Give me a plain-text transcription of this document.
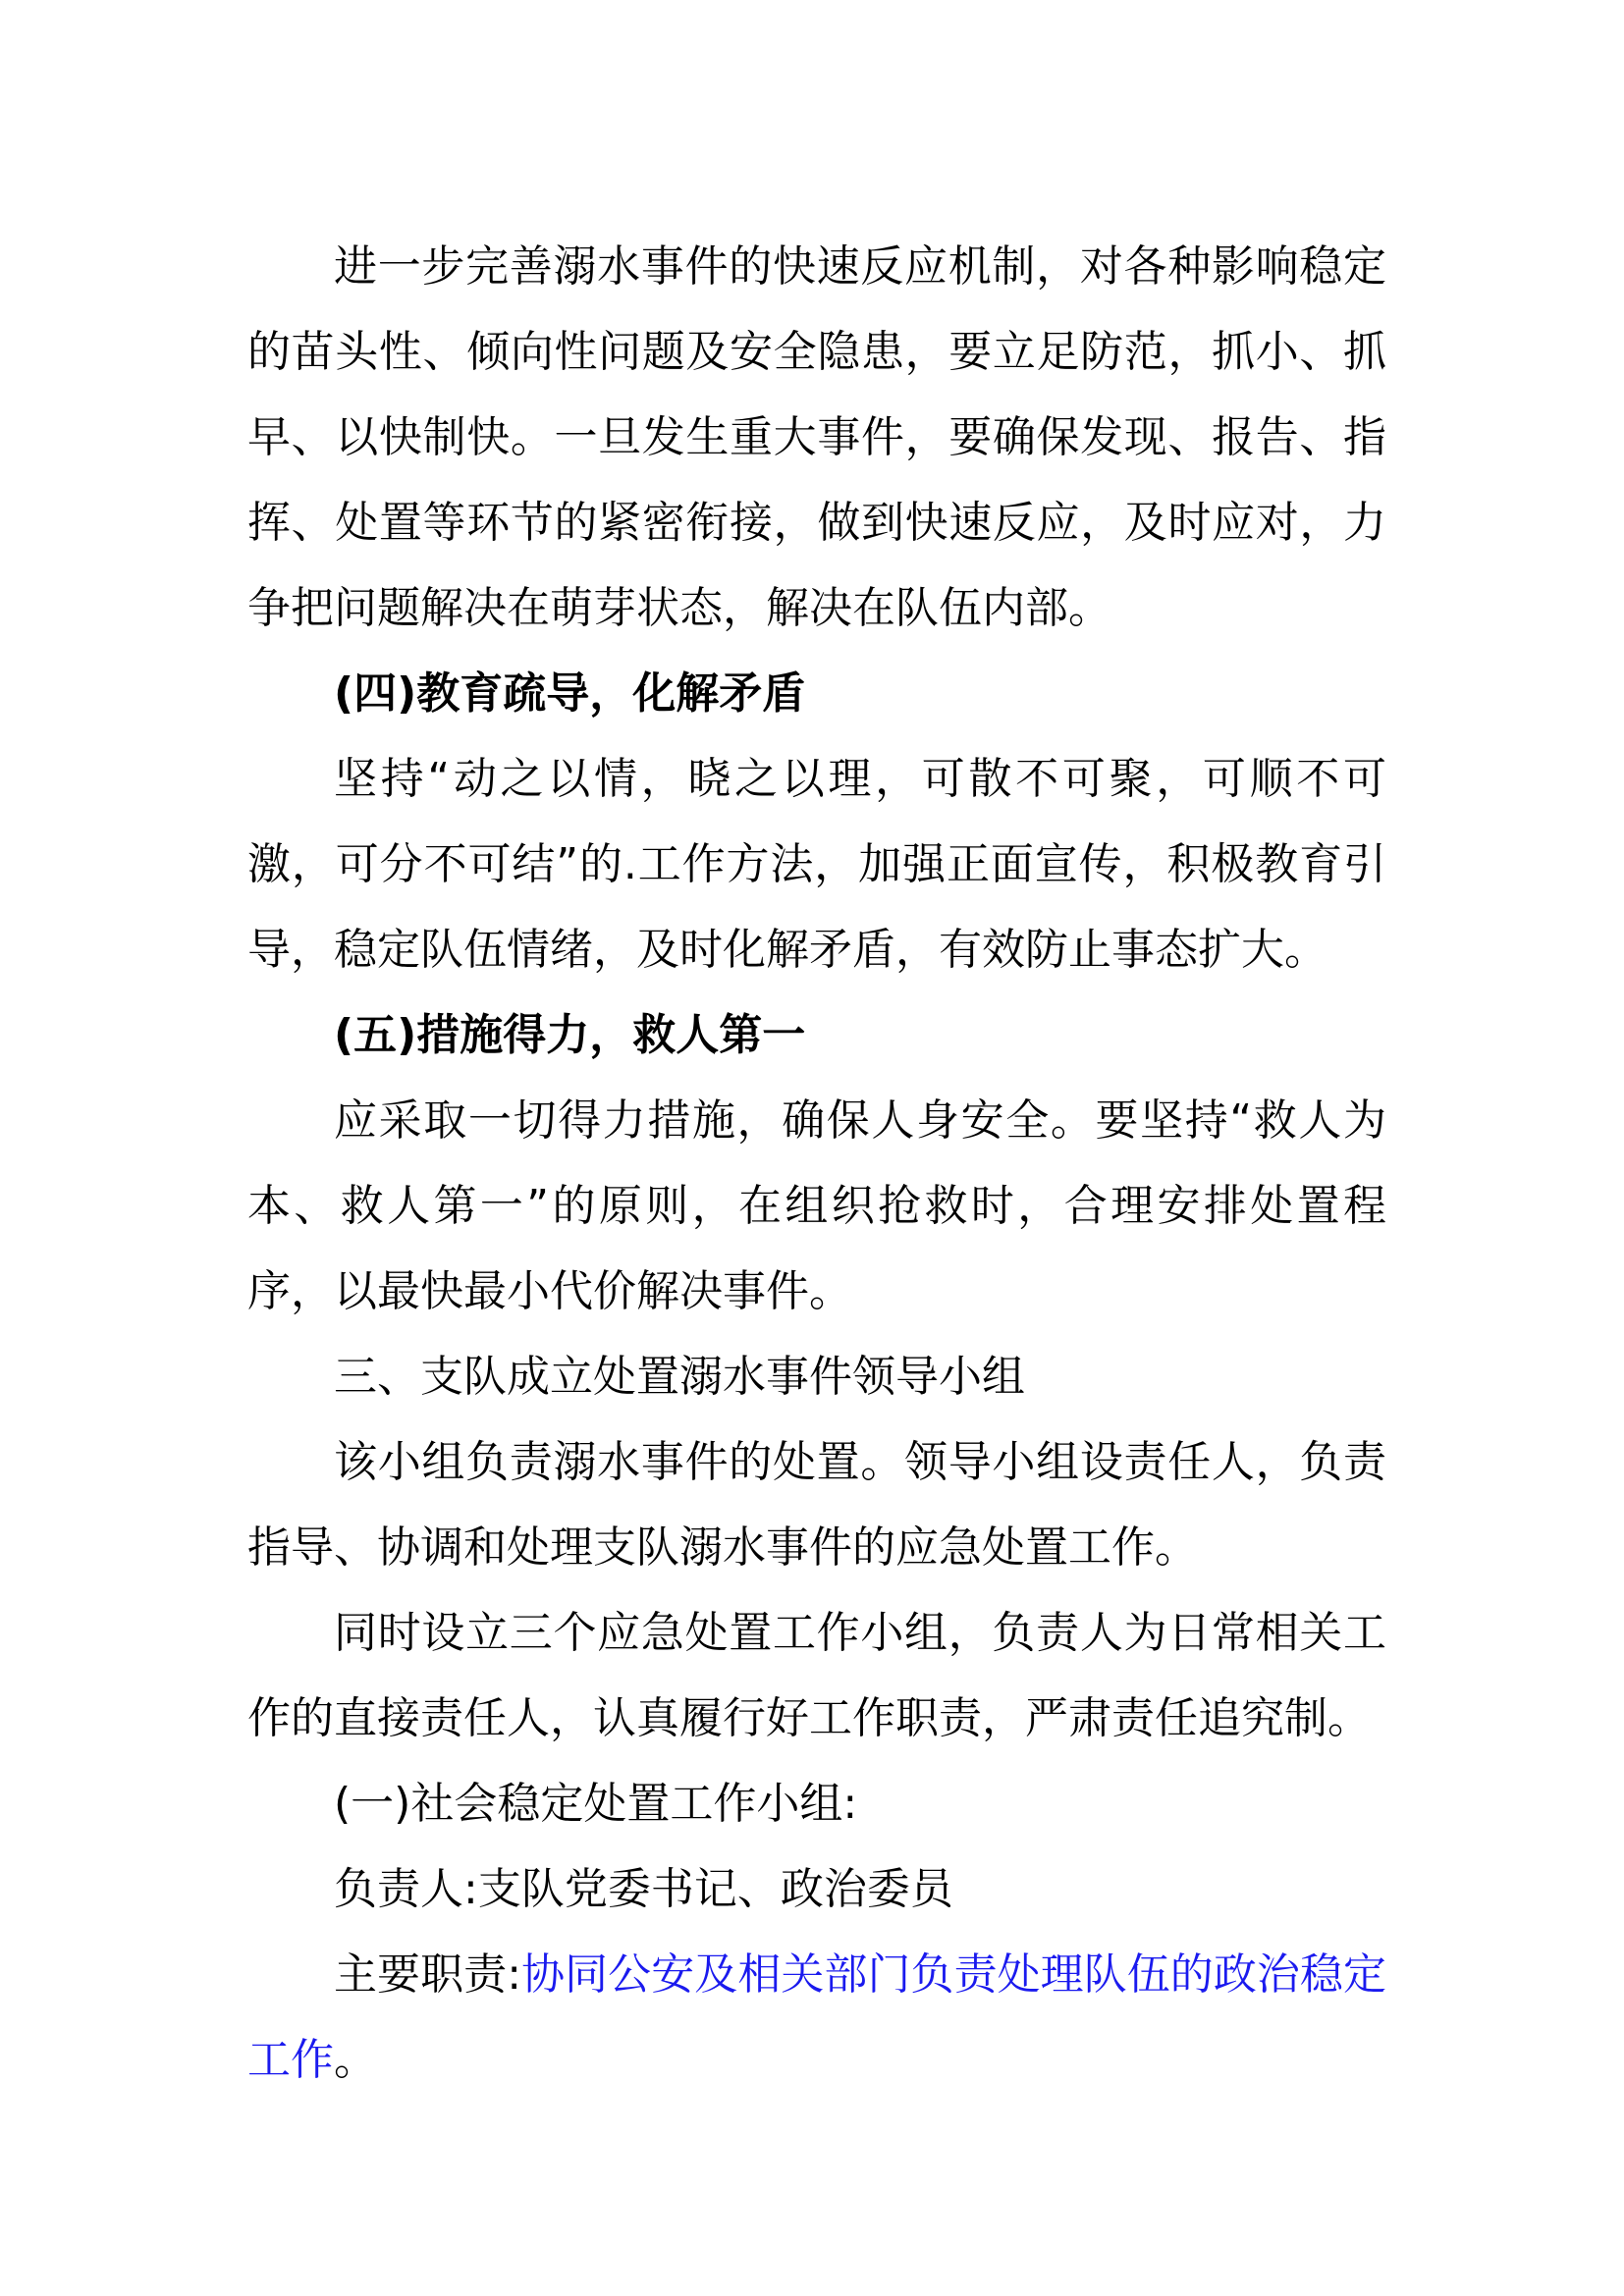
进一步完善溺水事件的快速反应机制，对各种影响稳定的苗头性、倾向性问题及安全隐患，要立足防范，抓小、抓早、以快制快。一旦发生重大事件，要确保发现、报告、指挥、处置等环节的紧密衔接，做到快速反应，及时应对，力争把问题解决在萌芽状态，解决在队伍内部。

(四)教育疏导，化解矛盾

坚持“动之以情，晓之以理，可散不可聚，可顺不可激，可分不可结”的.工作方法，加强正面宣传，积极教育引导，稳定队伍情绪，及时化解矛盾，有效防止事态扩大。

(五)措施得力，救人第一

应采取一切得力措施，确保人身安全。要坚持“救人为本、救人第一”的原则，在组织抢救时，合理安排处置程序，以最快最小代价解决事件。

三、支队成立处置溺水事件领导小组

该小组负责溺水事件的处置。领导小组设责任人，负责指导、协调和处理支队溺水事件的应急处置工作。

同时设立三个应急处置工作小组，负责人为日常相关工作的直接责任人，认真履行好工作职责，严肃责任追究制。

(一)社会稳定处置工作小组:

负责人:支队党委书记、政治委员

主要职责:协同公安及相关部门负责处理队伍的政治稳定工作。
